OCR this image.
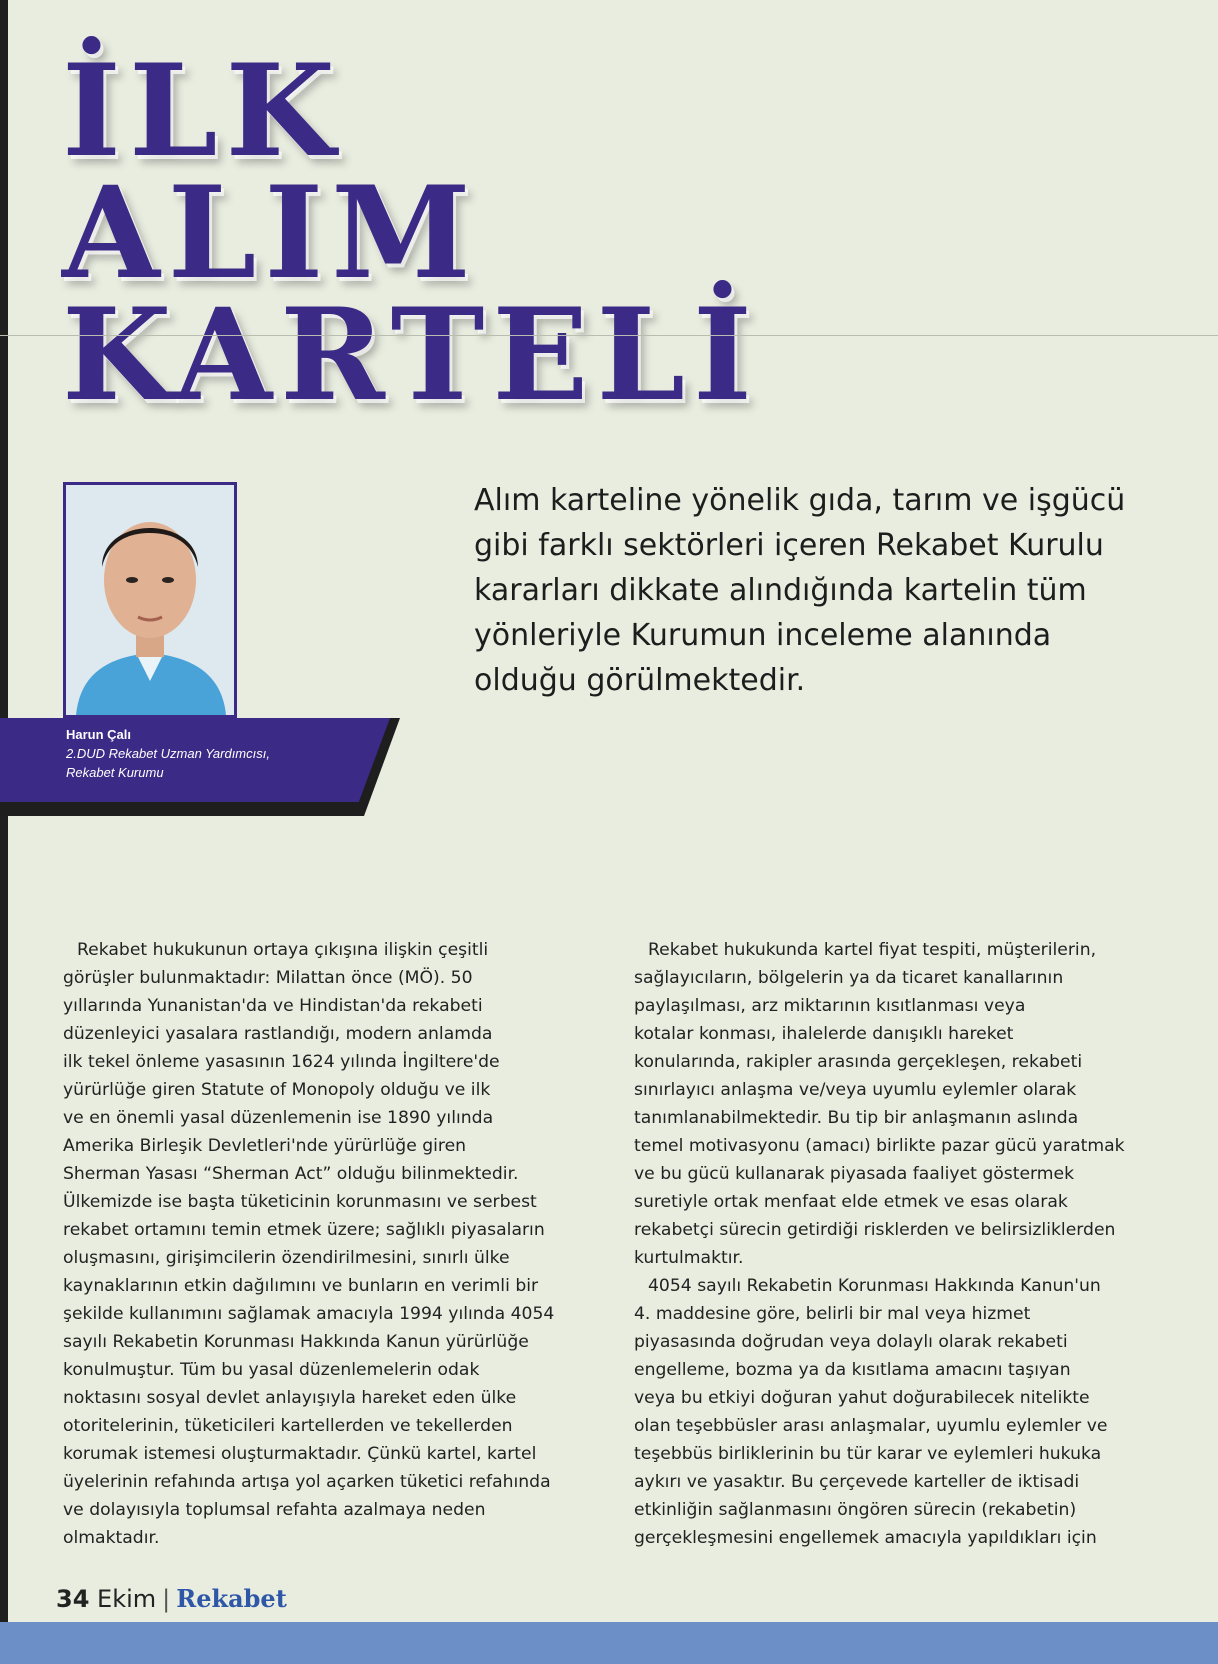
İLK ALIM
KARTELİ
Harun Çalı
2.DUD Rekabet Uzman Yardımcısı,
Rekabet Kurumu

Alım karteline yönelik gıda, tarım ve işgücü
gibi farklı sektörleri içeren Rekabet Kurulu
kararları dikkate alındığında kartelin tüm
yönleriyle Kurumun inceleme alanında
olduğu görülmektedir.

Rekabet hukukunun ortaya çıkışına ilişkin çeşitli
görüşler bulunmaktadır: Milattan önce (MÖ). 50
yıllarında Yunanistan'da ve Hindistan'da rekabeti
düzenleyici yasalara rastlandığı, modern anlamda
ilk tekel önleme yasasının 1624 yılında İngiltere'de
yürürlüğe giren Statute of Monopoly olduğu ve ilk
ve en önemli yasal düzenlemenin ise 1890 yılında
Amerika Birleşik Devletleri'nde yürürlüğe giren
Sherman Yasası “Sherman Act” olduğu bilinmektedir.
Ülkemizde ise başta tüketicinin korunmasını ve serbest
rekabet ortamını temin etmek üzere; sağlıklı piyasaların
oluşmasını, girişimcilerin özendirilmesini, sınırlı ülke
kaynaklarının etkin dağılımını ve bunların en verimli bir
şekilde kullanımını sağlamak amacıyla 1994 yılında 4054
sayılı Rekabetin Korunması Hakkında Kanun yürürlüğe
konulmuştur. Tüm bu yasal düzenlemelerin odak
noktasını sosyal devlet anlayışıyla hareket eden ülke
otoritelerinin, tüketicileri kartellerden ve tekellerden
korumak istemesi oluşturmaktadır. Çünkü kartel, kartel
üyelerinin refahında artışa yol açarken tüketici refahında
ve dolayısıyla toplumsal refahta azalmaya neden
olmaktadır.

Rekabet hukukunda kartel fiyat tespiti, müşterilerin,
sağlayıcıların, bölgelerin ya da ticaret kanallarının
paylaşılması, arz miktarının kısıtlanması veya
kotalar konması, ihalelerde danışıklı hareket
konularında, rakipler arasında gerçekleşen, rekabeti
sınırlayıcı anlaşma ve/veya uyumlu eylemler olarak
tanımlanabilmektedir. Bu tip bir anlaşmanın aslında
temel motivasyonu (amacı) birlikte pazar gücü yaratmak
ve bu gücü kullanarak piyasada faaliyet göstermek
suretiyle ortak menfaat elde etmek ve esas olarak
rekabetçi sürecin getirdiği risklerden ve belirsizliklerden
kurtulmaktır.

4054 sayılı Rekabetin Korunması Hakkında Kanun'un
4. maddesine göre, belirli bir mal veya hizmet
piyasasında doğrudan veya dolaylı olarak rekabeti
engelleme, bozma ya da kısıtlama amacını taşıyan
veya bu etkiyi doğuran yahut doğurabilecek nitelikte
olan teşebbüsler arası anlaşmalar, uyumlu eylemler ve
teşebbüs birliklerinin bu tür karar ve eylemleri hukuka
aykırı ve yasaktır. Bu çerçevede karteller de iktisadi
etkinliğin sağlanmasını öngören sürecin (rekabetin)
gerçekleşmesini engellemek amacıyla yapıldıkları için

34 Ekim | Rekabet
